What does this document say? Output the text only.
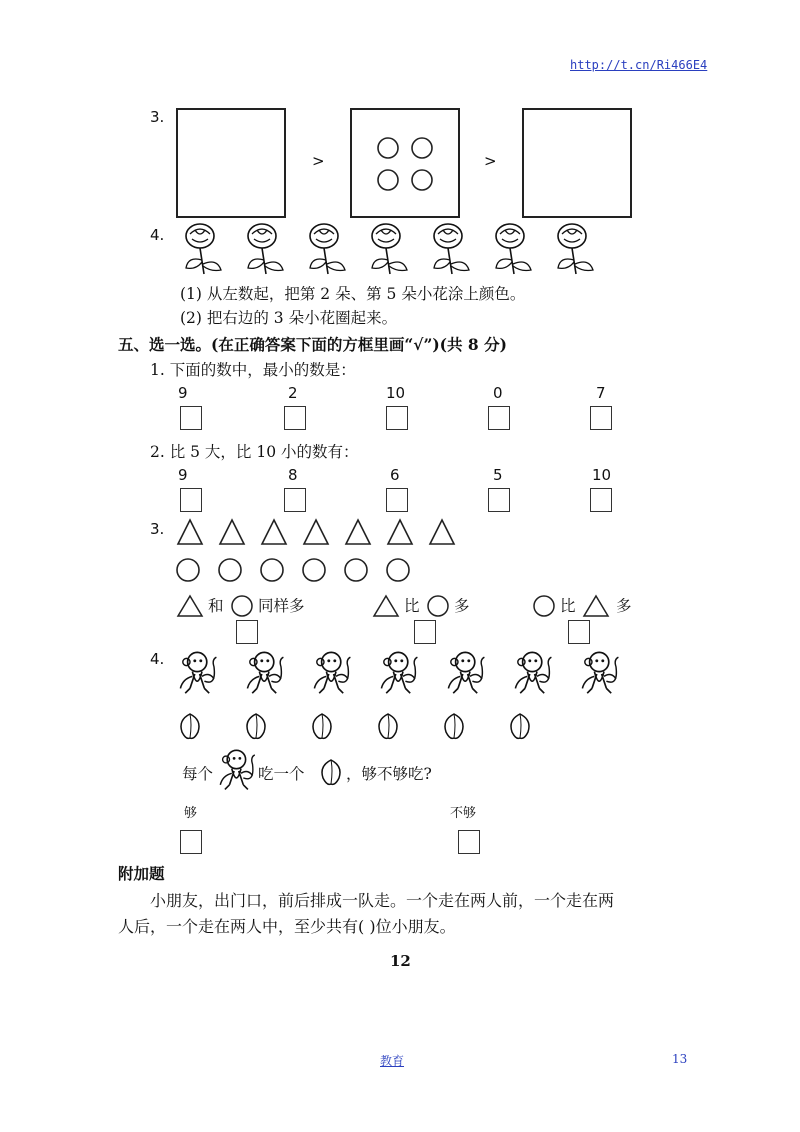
http://t.cn/Ri466E4
3.
>	>
4.
(1) 从左数起，把第 2 朵、第 5 朵小花涂上颜色。
(2) 把右边的 3 朵小花圈起来。
五、选一选。(在正确答案下面的方框里画“√”)(共 8 分)
1. 下面的数中，最小的数是：
9	2	10	0	7
2. 比 5 大，比 10 小的数有：
9	8	6	5	10
3.
和 同样多	比 多	比	多
4.
每个	吃一个	，够不够吃?
够	不够
附加题
小朋友，出门口，前后排成一队走。一个走在两人前，一个走在两
人后，一个走在两人中，至少共有( )位小朋友。
12
教育	13
